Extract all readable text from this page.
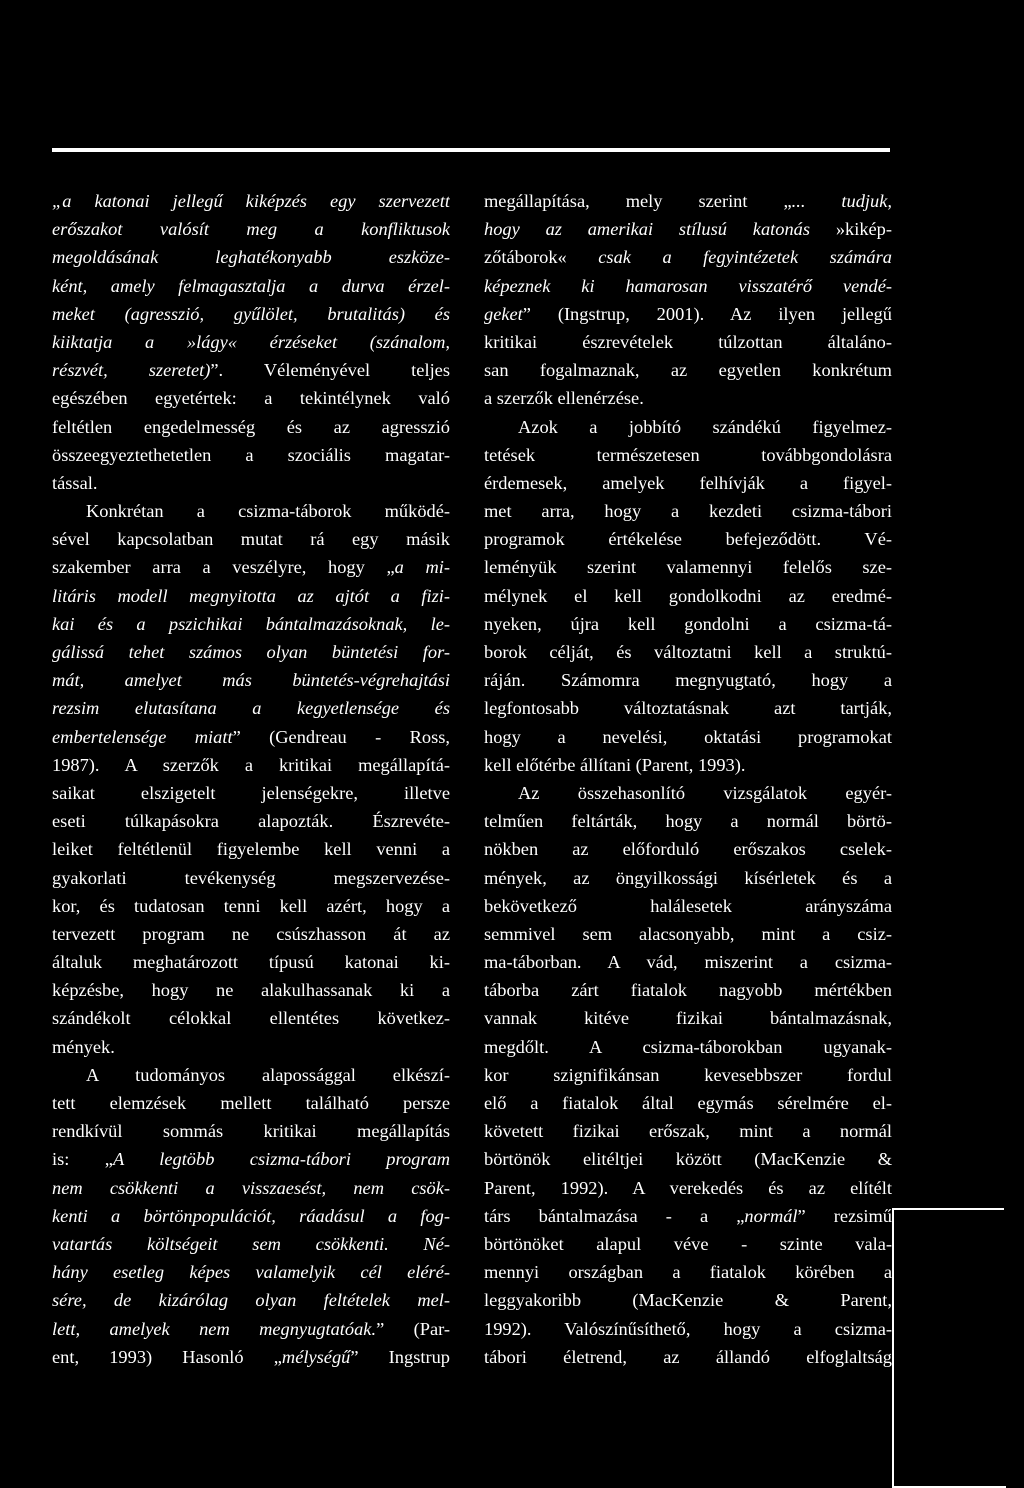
„a katonai jellegű kiképzés egy szervezett
erőszakot valósít meg a konfliktusok
megoldásának leghatékonyabb eszköze-
ként, amely felmagasztalja a durva érzel-
meket (agresszió, gyűlölet, brutalitás) és
kiiktatja a »lágy« érzéseket (szánalom,
részvét, szeretet)”. Véleményével teljes
egészében egyetértek: a tekintélynek való
feltétlen engedelmesség és az agresszió
összeegyeztethetetlen a szociális magatar-
tással.
Konkrétan a csizma-táborok működé-
sével kapcsolatban mutat rá egy másik
szakember arra a veszélyre, hogy „a mi-
litáris modell megnyitotta az ajtót a fizi-
kai és a pszichikai bántalmazásoknak, le-
gálissá tehet számos olyan büntetési for-
mát, amelyet más büntetés-végrehajtási
rezsim elutasítana a kegyetlensége és
embertelensége miatt” (Gendreau - Ross,
1987). A szerzők a kritikai megállapítá-
saikat elszigetelt jelenségekre, illetve
eseti túlkapásokra alapozták. Észrevéte-
leiket feltétlenül figyelembe kell venni a
gyakorlati tevékenység megszervezése-
kor, és tudatosan tenni kell azért, hogy a
tervezett program ne csúszhasson át az
általuk meghatározott típusú katonai ki-
képzésbe, hogy ne alakulhassanak ki a
szándékolt célokkal ellentétes következ-
mények.
A tudományos alapossággal elkészí-
tett elemzések mellett található persze
rendkívül sommás kritikai megállapítás
is: „A legtöbb csizma-tábori program
nem csökkenti a visszaesést, nem csök-
kenti a börtönpopulációt, ráadásul a fog-
vatartás költségeit sem csökkenti. Né-
hány esetleg képes valamelyik cél eléré-
sére, de kizárólag olyan feltételek mel-
lett, amelyek nem megnyugtatóak.” (Par-
ent, 1993) Hasonló „mélységű” Ingstrup
megállapítása, mely szerint „... tudjuk,
hogy az amerikai stílusú katonás »kikép-
zőtáborok« csak a fegyintézetek számára
képeznek ki hamarosan visszatérő vendé-
geket” (Ingstrup, 2001). Az ilyen jellegű
kritikai észrevételek túlzottan általáno-
san fogalmaznak, az egyetlen konkrétum
a szerzők ellenérzése.
Azok a jobbító szándékú figyelmez-
tetések természetesen továbbgondolásra
érdemesek, amelyek felhívják a figyel-
met arra, hogy a kezdeti csizma-tábori
programok értékelése befejeződött. Vé-
leményük szerint valamennyi felelős sze-
mélynek el kell gondolkodni az eredmé-
nyeken, újra kell gondolni a csizma-tá-
borok célját, és változtatni kell a struktú-
ráján. Számomra megnyugtató, hogy a
legfontosabb változtatásnak azt tartják,
hogy a nevelési, oktatási programokat
kell előtérbe állítani (Parent, 1993).
Az összehasonlító vizsgálatok egyér-
telműen feltárták, hogy a normál börtö-
nökben az előforduló erőszakos cselek-
mények, az öngyilkossági kísérletek és a
bekövetkező halálesetek arányszáma
semmivel sem alacsonyabb, mint a csiz-
ma-táborban. A vád, miszerint a csizma-
táborba zárt fiatalok nagyobb mértékben
vannak kitéve fizikai bántalmazásnak,
megdőlt. A csizma-táborokban ugyanak-
kor szignifikánsan kevesebbszer fordul
elő a fiatalok által egymás sérelmére el-
követett fizikai erőszak, mint a normál
börtönök elitéltjei között (MacKenzie &
Parent, 1992). A verekedés és az elítélt
társ bántalmazása - a „normál” rezsimű
börtönöket alapul véve - szinte vala-
mennyi országban a fiatalok körében a
leggyakoribb (MacKenzie & Parent,
1992). Valószínűsíthető, hogy a csizma-
tábori életrend, az állandó elfoglaltság
